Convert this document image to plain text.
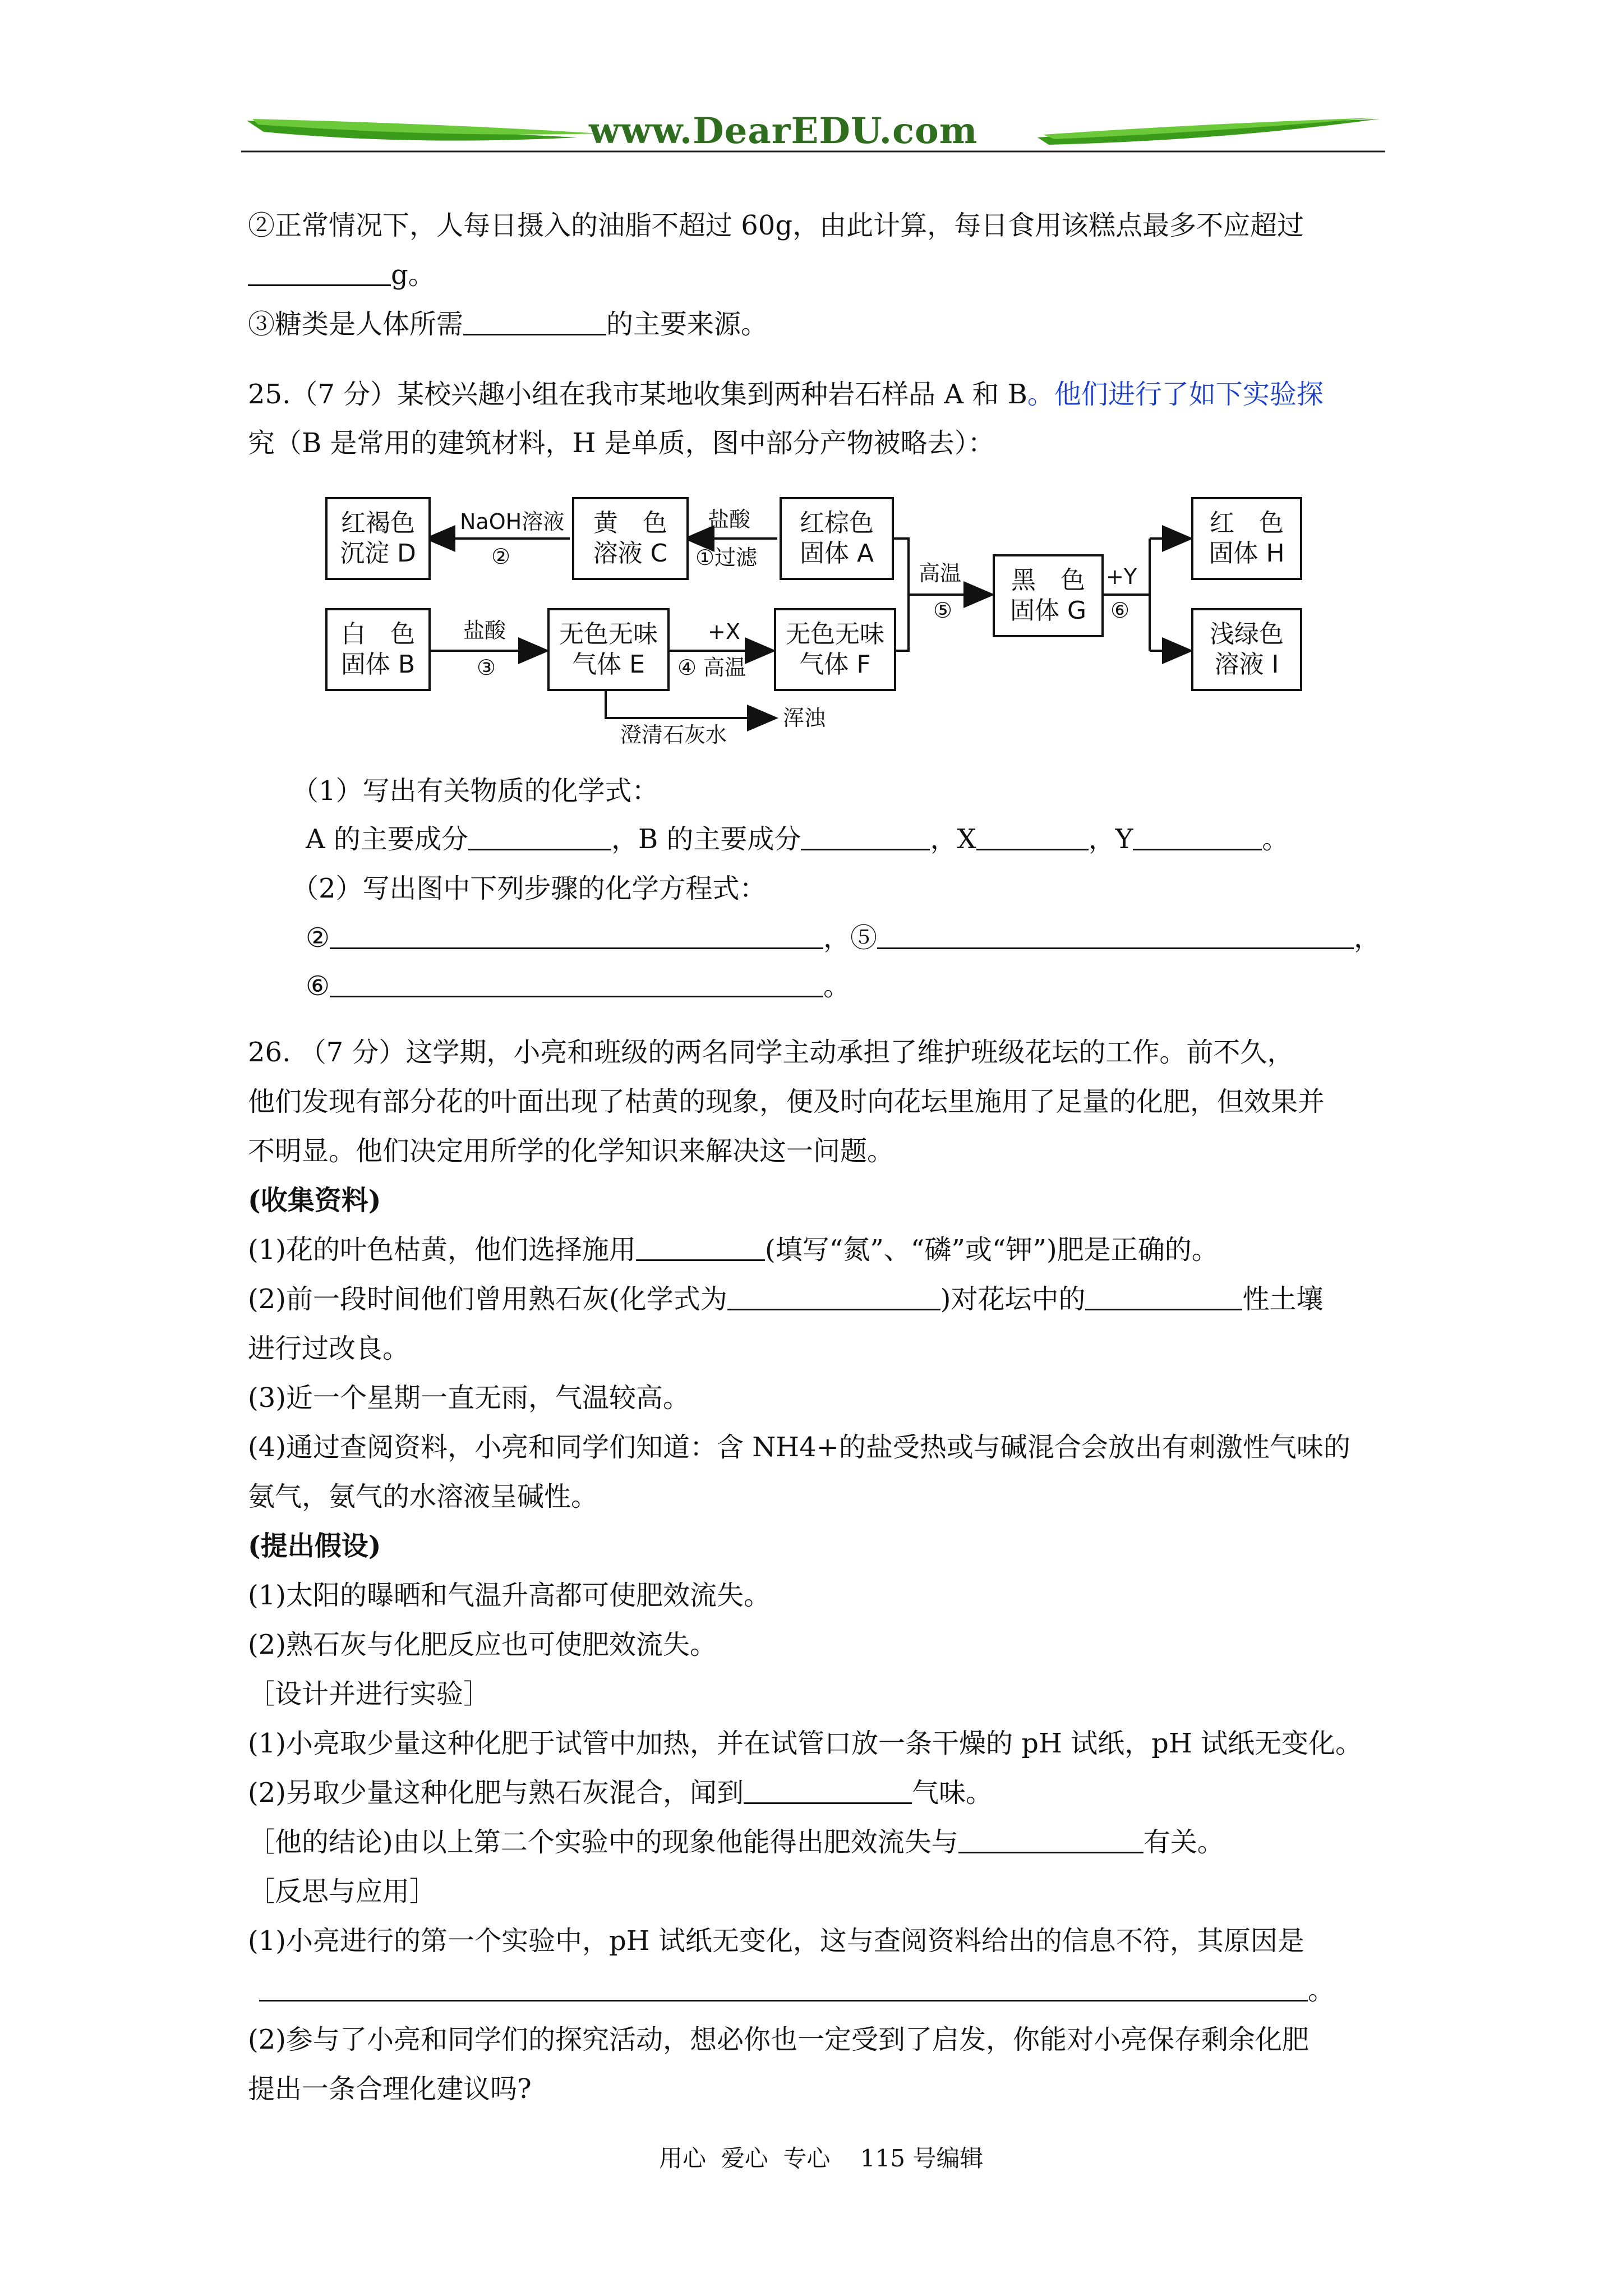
www.DearEDU.com
②正常情况下，人每日摄入的油脂不超过 60g，由此计算，每日食用该糕点最多不应超过
g。
③糖类是人体所需	的主要来源。
25.（7 分）某校兴趣小组在我市某地收集到两种岩石样品 A 和 B。他们进行了如下实验探
究（B 是常用的建筑材料，H 是单质，图中部分产物被略去）：
红褐色
沉淀 D
黄　色
溶液 C
红棕色
固体 A
白　色
固体 B
无色无味
气体 E
无色无味
气体 F
黑　色
固体 G
红　色
固体 H
浅绿色
溶液 I
NaOH溶液
②
盐酸
①过滤
盐酸
③
+X
④ 高温
高温
⑤
+Y
⑥
澄清石灰水
浑浊
（1）写出有关物质的化学式：
A 的主要成分	，B 的主要成分	，X	，Y	。
（2）写出图中下列步骤的化学方程式：
②	，⑤	，
⑥	。
26. （7 分）这学期，小亮和班级的两名同学主动承担了维护班级花坛的工作。前不久，
他们发现有部分花的叶面出现了枯黄的现象，便及时向花坛里施用了足量的化肥，但效果并
不明显。他们决定用所学的化学知识来解决这一问题。
(收集资料)
(1)花的叶色枯黄，他们选择施用	(填写“氮”、“磷”或“钾”)肥是正确的。
(2)前一段时间他们曾用熟石灰(化学式为	)对花坛中的	性土壤
进行过改良。
(3)近一个星期一直无雨，气温较高。
(4)通过查阅资料，小亮和同学们知道：含 NH4+的盐受热或与碱混合会放出有刺激性气味的
氨气，氨气的水溶液呈碱性。
(提出假设)
(1)太阳的曝晒和气温升高都可使肥效流失。
(2)熟石灰与化肥反应也可使肥效流失。
［设计并进行实验］
(1)小亮取少量这种化肥于试管中加热，并在试管口放一条干燥的 pH 试纸，pH 试纸无变化。
(2)另取少量这种化肥与熟石灰混合，闻到	气味。
［他的结论)由以上第二个实验中的现象他能得出肥效流失与	有关。
［反思与应用］
(1)小亮进行的第一个实验中，pH 试纸无变化，这与查阅资料给出的信息不符，其原因是
。
(2)参与了小亮和同学们的探究活动，想必你也一定受到了启发，你能对小亮保存剩余化肥
提出一条合理化建议吗?
用心  爱心  专心    115 号编辑
